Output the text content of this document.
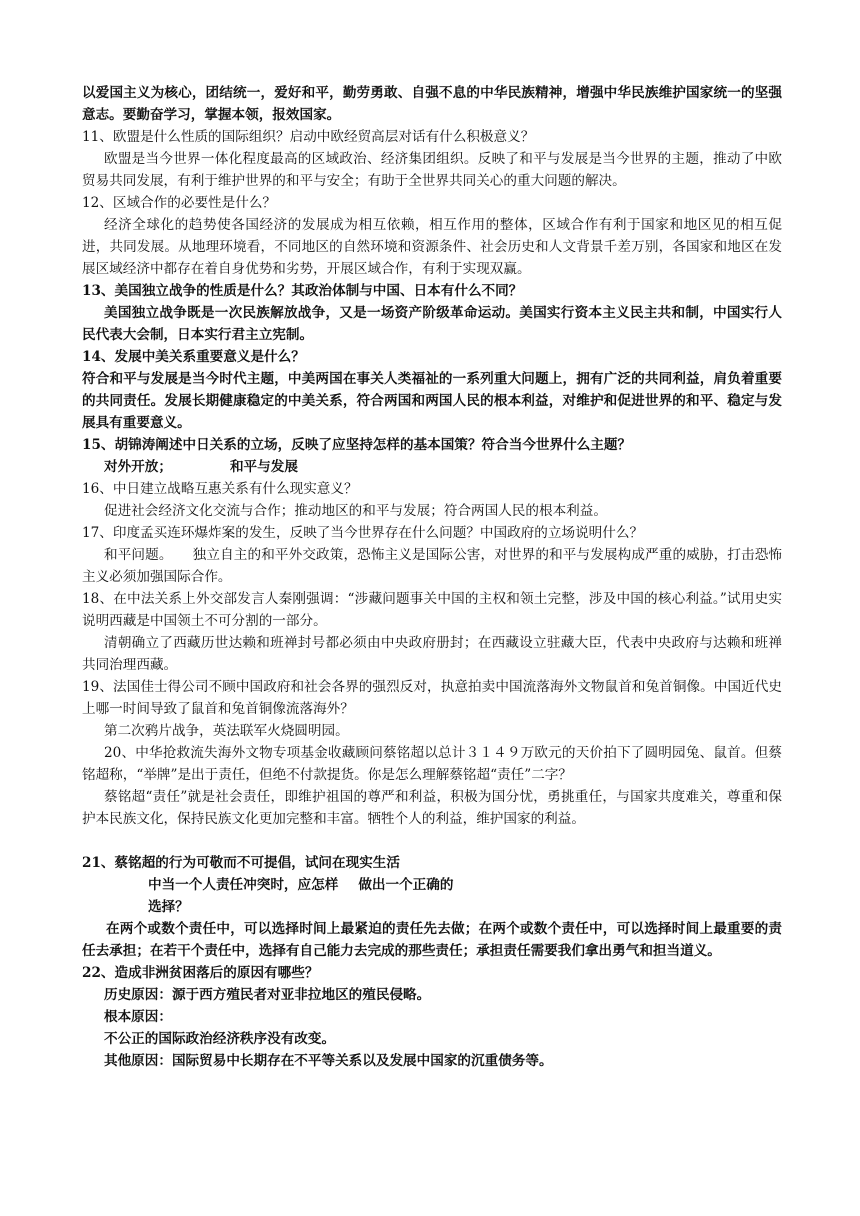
以爱国主义为核心，团结统一，爱好和平，勤劳勇敢、自强不息的中华民族精神，增强中华民族维护国家统一的坚强意志。要勤奋学习，掌握本领，报效国家。

11、欧盟是什么性质的国际组织？启动中欧经贸高层对话有什么积极意义？

欧盟是当今世界一体化程度最高的区域政治、经济集团组织。反映了和平与发展是当今世界的主题，推动了中欧贸易共同发展，有利于维护世界的和平与安全；有助于全世界共同关心的重大问题的解决。

12、区域合作的必要性是什么？

经济全球化的趋势使各国经济的发展成为相互依赖，相互作用的整体，区域合作有利于国家和地区见的相互促进，共同发展。从地理环境看，不同地区的自然环境和资源条件、社会历史和人文背景千差万别，各国家和地区在发展区域经济中都存在着自身优势和劣势，开展区域合作，有利于实现双赢。

13、美国独立战争的性质是什么？其政治体制与中国、日本有什么不同？

美国独立战争既是一次民族解放战争，又是一场资产阶级革命运动。美国实行资本主义民主共和制，中国实行人民代表大会制，日本实行君主立宪制。

14、发展中美关系重要意义是什么？

符合和平与发展是当今时代主题，中美两国在事关人类福祉的一系列重大问题上，拥有广泛的共同利益，肩负着重要的共同责任。发展长期健康稳定的中美关系，符合两国和两国人民的根本利益，对维护和促进世界的和平、稳定与发展具有重要意义。

15、胡锦涛阐述中日关系的立场，反映了应坚持怎样的基本国策？符合当今世界什么主题？

对外开放；	和平与发展

16、中日建立战略互惠关系有什么现实意义？

促进社会经济文化交流与合作；推动地区的和平与发展；符合两国人民的根本利益。

17、印度孟买连环爆炸案的发生，反映了当今世界存在什么问题？中国政府的立场说明什么？

和平问题。 独立自主的和平外交政策，恐怖主义是国际公害，对世界的和平与发展构成严重的威胁，打击恐怖主义必须加强国际合作。

18、在中法关系上外交部发言人秦刚强调：“涉藏问题事关中国的主权和领土完整，涉及中国的核心利益。”试用史实说明西藏是中国领土不可分割的一部分。

清朝确立了西藏历世达赖和班禅封号都必须由中央政府册封；在西藏设立驻藏大臣，代表中央政府与达赖和班禅共同治理西藏。

19、法国佳士得公司不顾中国政府和社会各界的强烈反对，执意拍卖中国流落海外文物鼠首和兔首铜像。中国近代史上哪一时间导致了鼠首和兔首铜像流落海外？

第二次鸦片战争，英法联军火烧圆明园。

20、中华抢救流失海外文物专项基金收藏顾问蔡铭超以总计３１４９万欧元的天价拍下了圆明园兔、鼠首。但蔡铭超称，“举牌”是出于责任，但绝不付款提货。你是怎么理解蔡铭超“责任”二字？

蔡铭超“责任”就是社会责任，即维护祖国的尊严和利益，积极为国分忧，勇挑重任，与国家共度难关，尊重和保护本民族文化，保持民族文化更加完整和丰富。牺牲个人的利益，维护国家的利益。

21、蔡铭超的行为可敬而不可提倡，试问在现实生活

中当一个人责任冲突时，应怎样 做出一个正确的

选择？

在两个或数个责任中，可以选择时间上最紧迫的责任先去做；在两个或数个责任中，可以选择时间上最重要的责任去承担；在若干个责任中，选择有自己能力去完成的那些责任；承担责任需要我们拿出勇气和担当道义。

22、造成非洲贫困落后的原因有哪些？

历史原因：源于西方殖民者对亚非拉地区的殖民侵略。

根本原因：

不公正的国际政治经济秩序没有改变。

其他原因：国际贸易中长期存在不平等关系以及发展中国家的沉重债务等。
